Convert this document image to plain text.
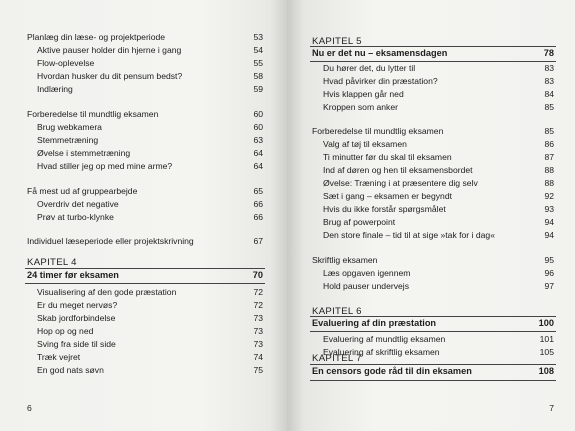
Planlæg din læse- og projektperiode	53
Aktive pauser holder din hjerne i gang	54
Flow-oplevelse	55
Hvordan husker du dit pensum bedst?	58
Indlæring	59
Forberedelse til mundtlig eksamen	60
Brug webkamera	60
Stemmetræning	63
Øvelse i stemmetræning	64
Hvad stiller jeg op med mine arme?	64
Få mest ud af gruppearbejde	65
Overdriv det negative	66
Prøv at turbo-klynke	66
Individuel læseperiode eller projektskrivning	67
KAPITEL 4
24 timer før eksamen	70
Visualisering af den gode præstation	72
Er du meget nervøs?	72
Skab jordforbindelse	73
Hop op og ned	73
Sving fra side til side	73
Træk vejret	74
En god nats søvn	75
6
KAPITEL 5
Nu er det nu – eksamensdagen	78
Du hører det, du lytter til	83
Hvad påvirker din præstation?	83
Hvis klappen går ned	84
Kroppen som anker	85
Forberedelse til mundtlig eksamen	85
Valg af tøj til eksamen	86
Ti minutter før du skal til eksamen	87
Ind af døren og hen til eksamensbordet	88
Øvelse: Træning i at præsentere dig selv	88
Sæt i gang – eksamen er begyndt	92
Hvis du ikke forstår spørgsmålet	93
Brug af powerpoint	94
Den store finale – tid til at sige »tak for i dag«	94
Skriftlig eksamen	95
Læs opgaven igennem	96
Hold pauser undervejs	97
KAPITEL 6
Evaluering af din præstation	100
Evaluering af mundtlig eksamen	101
Evaluering af skriftlig eksamen	105
KAPITEL 7
En censors gode råd til din eksamen	108
7
